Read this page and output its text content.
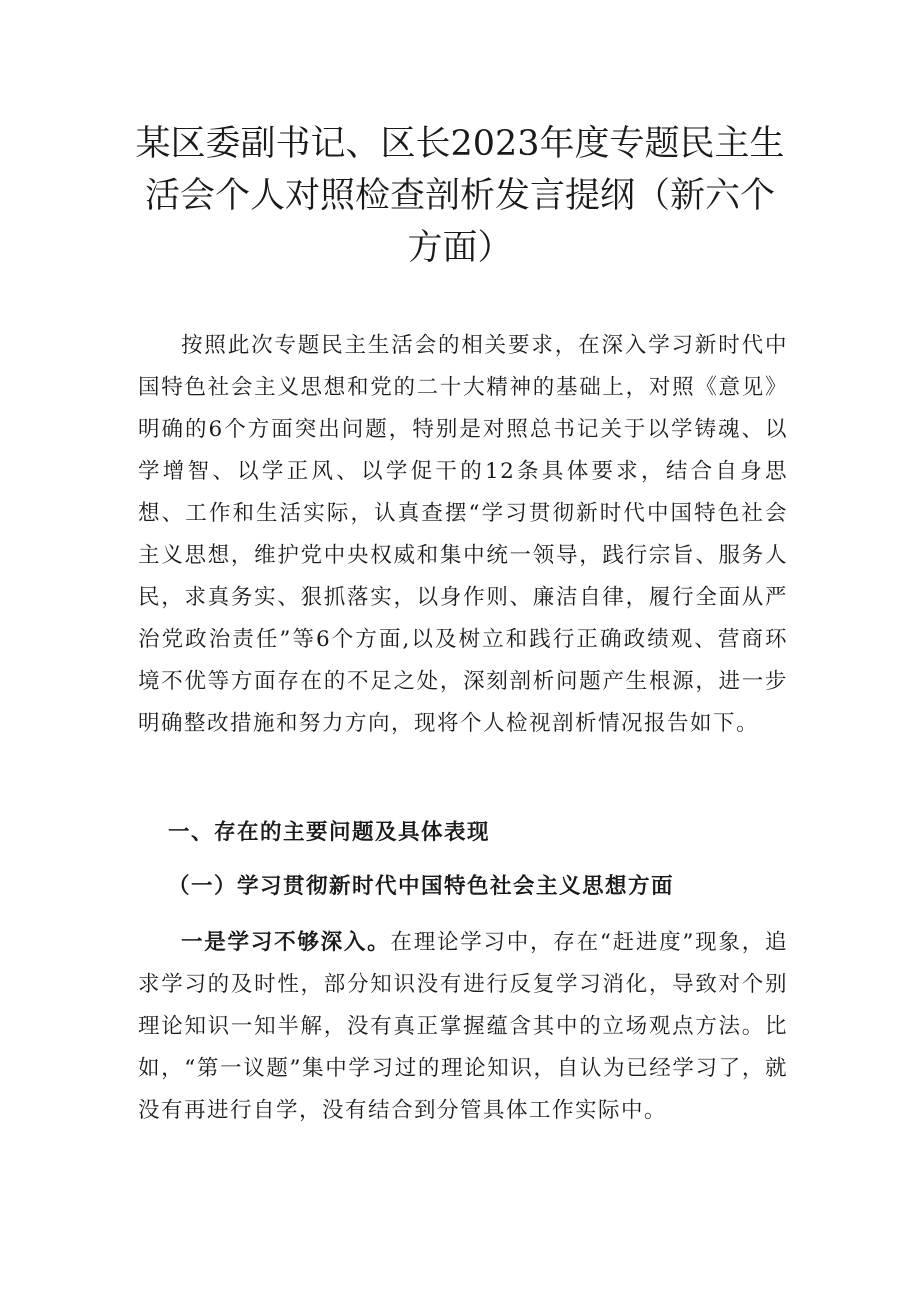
某区委副书记、区长2023年度专题民主生活会个人对照检查剖析发言提纲（新六个方面）

按照此次专题民主生活会的相关要求，在深入学习新时代中国特色社会主义思想和党的二十大精神的基础上，对照《意见》明确的6个方面突出问题，特别是对照总书记关于以学铸魂、以学增智、以学正风、以学促干的12条具体要求，结合自身思想、工作和生活实际，认真查摆“学习贯彻新时代中国特色社会主义思想，维护党中央权威和集中统一领导，践行宗旨、服务人民，求真务实、狠抓落实，以身作则、廉洁自律，履行全面从严治党政治责任”等6个方面,以及树立和践行正确政绩观、营商环境不优等方面存在的不足之处，深刻剖析问题产生根源，进一步明确整改措施和努力方向，现将个人检视剖析情况报告如下。

一、存在的主要问题及具体表现
（一）学习贯彻新时代中国特色社会主义思想方面

一是学习不够深入。在理论学习中，存在“赶进度”现象，追求学习的及时性，部分知识没有进行反复学习消化，导致对个别理论知识一知半解，没有真正掌握蕴含其中的立场观点方法。比如，“第一议题”集中学习过的理论知识，自认为已经学习了，就没有再进行自学，没有结合到分管具体工作实际中。
